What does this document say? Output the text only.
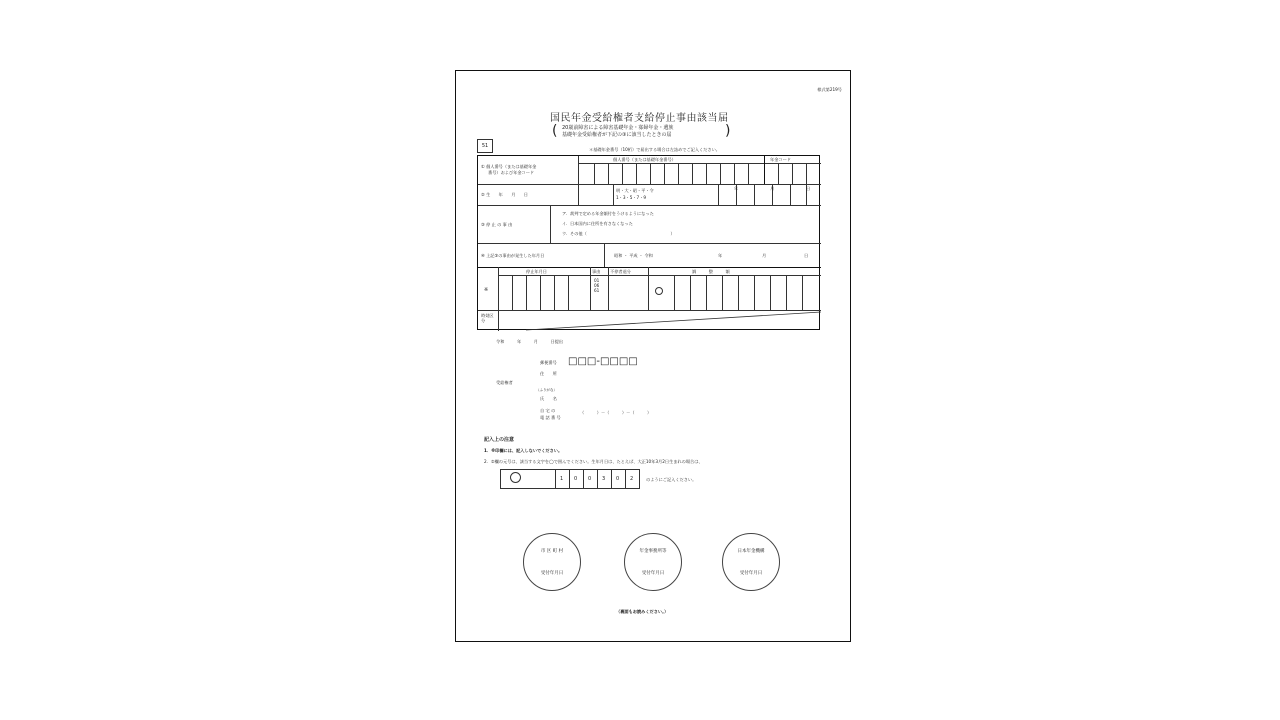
様式第219号
国民年金受給権者支給停止事由該当届
( 20歳前障害による障害基礎年金・寡婦年金・遺族
基礎年金受給権者が下記の③に該当したときの届	)
51
＊基礎年金番号（10桁）で届出する場合は左詰めでご記入ください。
個人番号（または基礎年金番号）	年金コード
① 個人番号（または基礎年金
番号）および年金コード
② 生　　年　　月　　日
明・大・昭・平・令
1・3・5・7・9
年	月	日
③ 停 止 の 事 由
ア．裁判で定める年金額付をうけるようになった
イ．日本国内に住所を有さなくなった
ウ．その他（　　　　　　　　　　　　　　　　　　　　）
④ 上記③の事由が発生した年月日	昭和 ・ 平成 ・ 令和	年	月	日
停止年月日	事由 不停者退分	調　　　整　　　額
※
01
06
61
時効区分
令和　　　年　　　月　　　日提出
郵便番号 □□□-□□□□
住　　所
受給権者
（ふりがな）
氏　　名
自 宅 の
電 話 番 号
（　　　）－（　　　）－（　　　）
記入上の注意
1．※印欄には、記入しないでください。
2．②欄の元号は、該当する文字を◯で囲んでください。生年月日は、たとえば、大正10年3月2日生まれの場合は、
1 0 0 3 0 2	のようにご記入ください。
市 区 町 村
受付年月日
年金事務所等
受付年月日
日本年金機構
受付年月日
（裏面もお読みください。）
